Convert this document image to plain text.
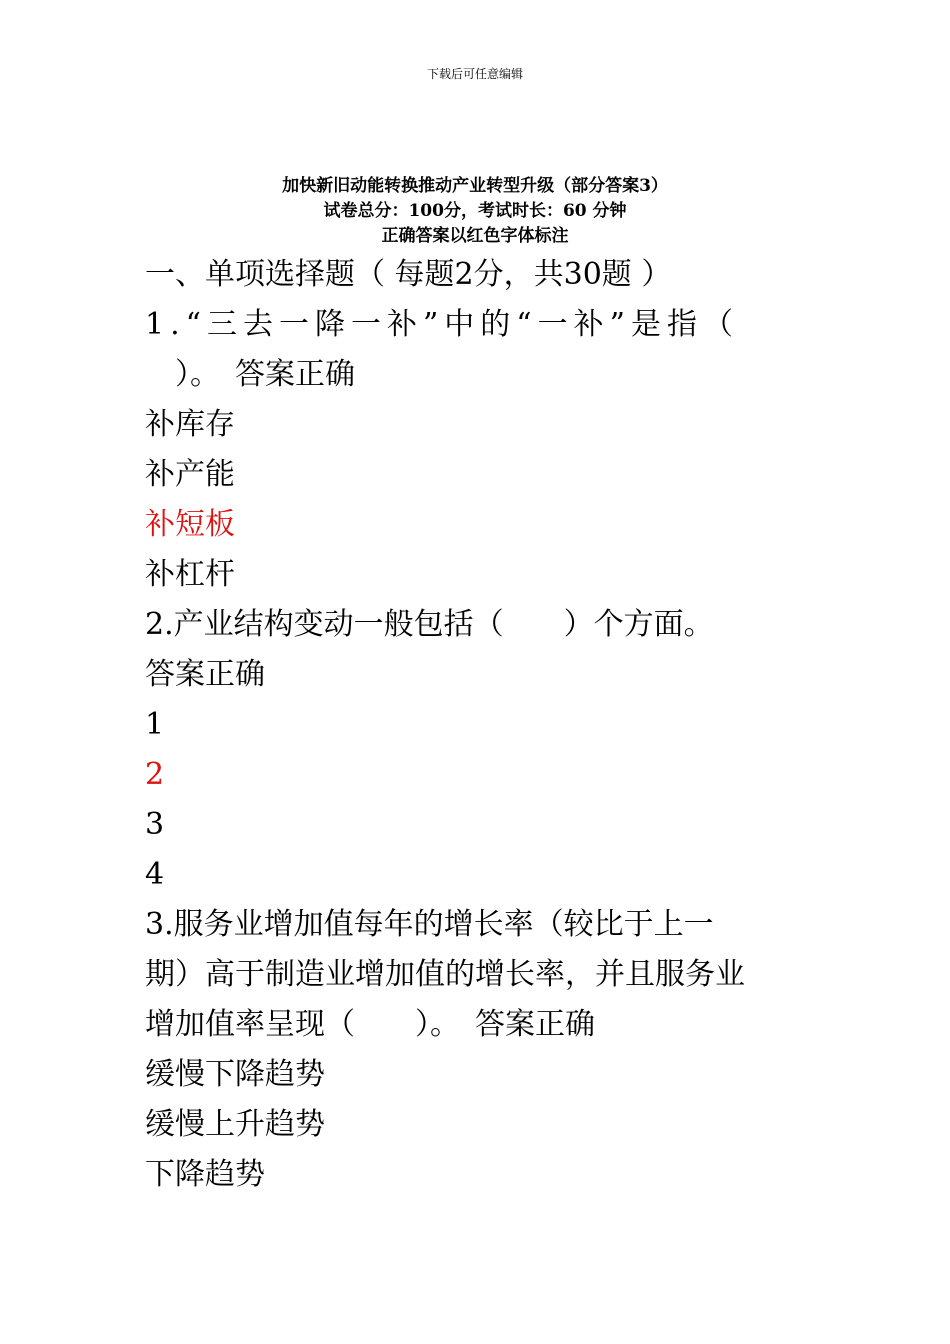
下载后可任意编辑
加快新旧动能转换推动产业转型升级（部分答案3）
试卷总分：100分，考试时长：60 分钟
正确答案以红色字体标注
一、单项选择题（ 每题2分，共30题 ）
1.“三去一降一补”中的“一补”是指（
）。　答案正确
补库存
补产能
补短板
补杠杆
2.产业结构变动一般包括（　　）个方面。
答案正确
1
2
3
4
3.服务业增加值每年的增长率（较比于上一
期）高于制造业增加值的增长率，并且服务业
增加值率呈现（　　）。　答案正确
缓慢下降趋势
缓慢上升趋势
下降趋势
